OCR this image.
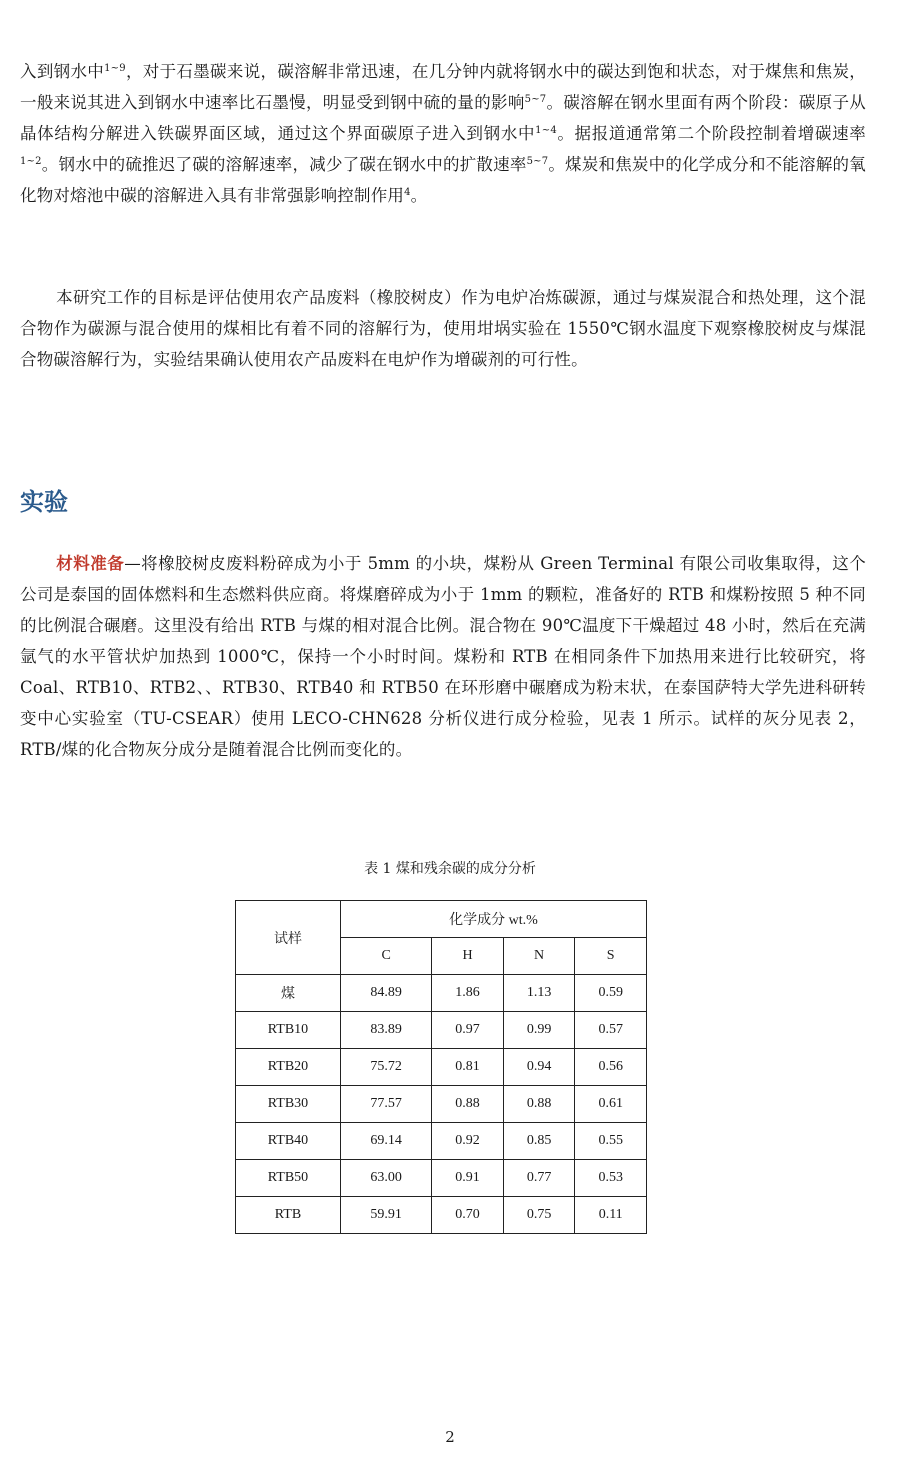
入到钢水中$^{1\sim 9}$，对于石墨碳来说，碳溶解非常迅速，在几分钟内就将钢水中的碳达到饱和状态，对于煤焦和焦炭，一般来说其进入到钢水中速率比石墨慢，明显受到钢中硫的量的影响$^{5\sim 7}$。碳溶解在钢水里面有两个阶段：碳原子从晶体结构分解进入铁碳界面区域，通过这个界面碳原子进入到钢水中$^{1\sim 4}$。据报道通常第二个阶段控制着增碳速率$^{1\sim 2}$。钢水中的硫推迟了碳的溶解速率，减少了碳在钢水中的扩散速率$^{5\sim 7}$。煤炭和焦炭中的化学成分和不能溶解的氧化物对熔池中碳的溶解进入具有非常强影响控制作用$^4$。

本研究工作的目标是评估使用农产品废料（橡胶树皮）作为电炉冶炼碳源，通过与煤炭混合和热处理，这个混合物作为碳源与混合使用的煤相比有着不同的溶解行为，使用坩埚实验在 1550℃钢水温度下观察橡胶树皮与煤混合物碳溶解行为，实验结果确认使用农产品废料在电炉作为增碳剂的可行性。

实验

材料准备—将橡胶树皮废料粉碎成为小于 5mm 的小块，煤粉从 Green Terminal 有限公司收集取得，这个公司是泰国的固体燃料和生态燃料供应商。将煤磨碎成为小于 1mm 的颗粒，准备好的 RTB 和煤粉按照 5 种不同的比例混合碾磨。这里没有给出 RTB 与煤的相对混合比例。混合物在 90℃温度下干燥超过 48 小时，然后在充满氩气的水平管状炉加热到 1000℃，保持一个小时时间。煤粉和 RTB 在相同条件下加热用来进行比较研究，将 Coal、RTB10、RTB2、、RTB30、RTB40 和 RTB50 在环形磨中碾磨成为粉末状，在泰国萨特大学先进科研转变中心实验室（TU-CSEAR）使用 LECO-CHN628 分析仪进行成分检验，见表 1 所示。试样的灰分见表 2，RTB/煤的化合物灰分成分是随着混合比例而变化的。

表 1 煤和残余碳的成分分析
试样	化学成分 wt.%			
	C	H	N	S
煤	84.89	1.86	1.13	0.59
RTB10	83.89	0.97	0.99	0.57
RTB20	75.72	0.81	0.94	0.56
RTB30	77.57	0.88	0.88	0.61
RTB40	69.14	0.92	0.85	0.55
RTB50	63.00	0.91	0.77	0.53
RTB	59.91	0.70	0.75	0.11
2
